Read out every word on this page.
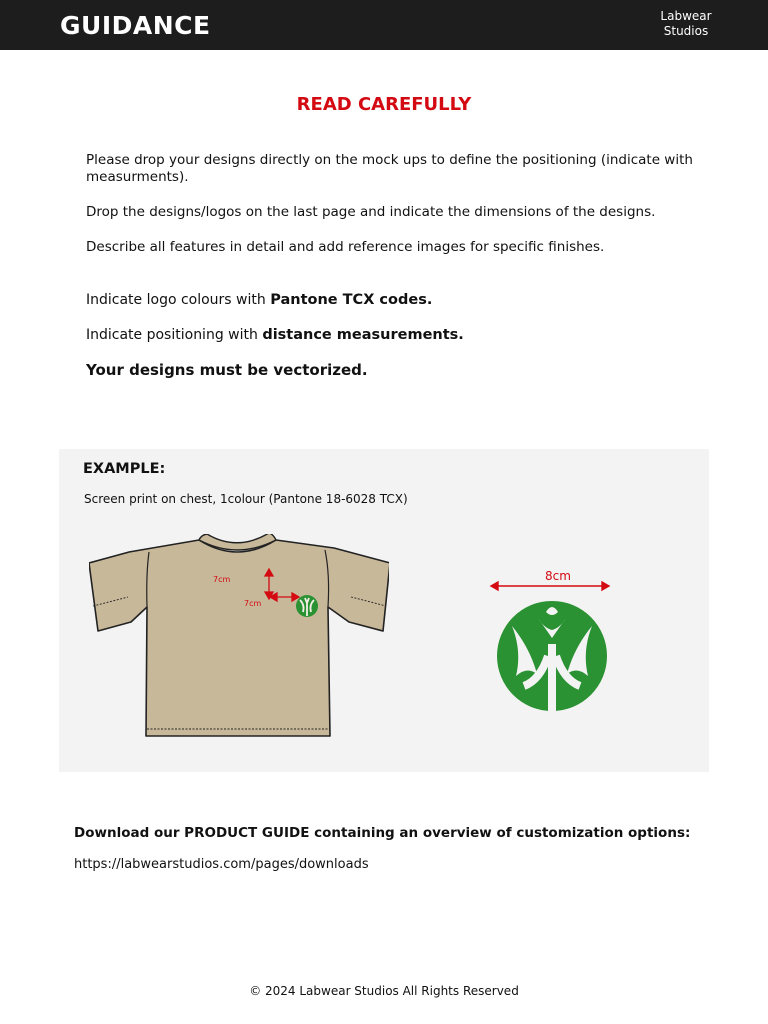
GUIDANCE	Labwear
Studios
READ CAREFULLY

Please drop your designs directly on the mock ups to define the positioning (indicate with measurments).

Drop the designs/logos on the last page and indicate the dimensions of the designs.

Describe all features in detail and add reference images for specific finishes.

Indicate logo colours with Pantone TCX codes.

Indicate positioning with distance measurements.

Your designs must be vectorized.

EXAMPLE:
Screen print on chest, 1colour (Pantone 18-6028 TCX)
7cm
7cm
8cm
Download our PRODUCT GUIDE containing an overview of customization options:
https://labwearstudios.com/pages/downloads
© 2024 Labwear Studios All Rights Reserved
